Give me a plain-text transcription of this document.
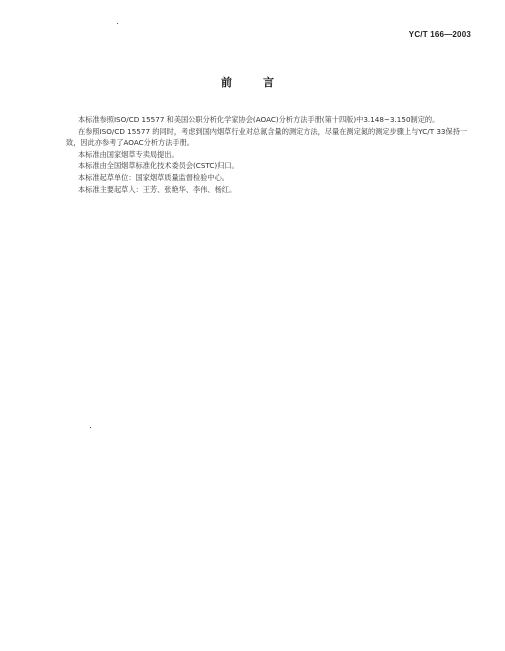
YC/T 166—2003
前　言

本标准参照ISO/CD 15577 和美国公职分析化学家协会(AOAC)分析方法手册(第十四版)中3.148~3.150制定的。

在参照ISO/CD 15577 的同时，考虑到国内烟草行业对总氮含量的测定方法，尽量在测定氮的测定步骤上与YC/T 33保持一致，因此亦参考了AOAC分析方法手册。

本标准由国家烟草专卖局提出。

本标准由全国烟草标准化技术委员会(CSTC)归口。

本标准起草单位：国家烟草质量监督检验中心。

本标准主要起草人：王芳、张艳华、李伟、杨红。
